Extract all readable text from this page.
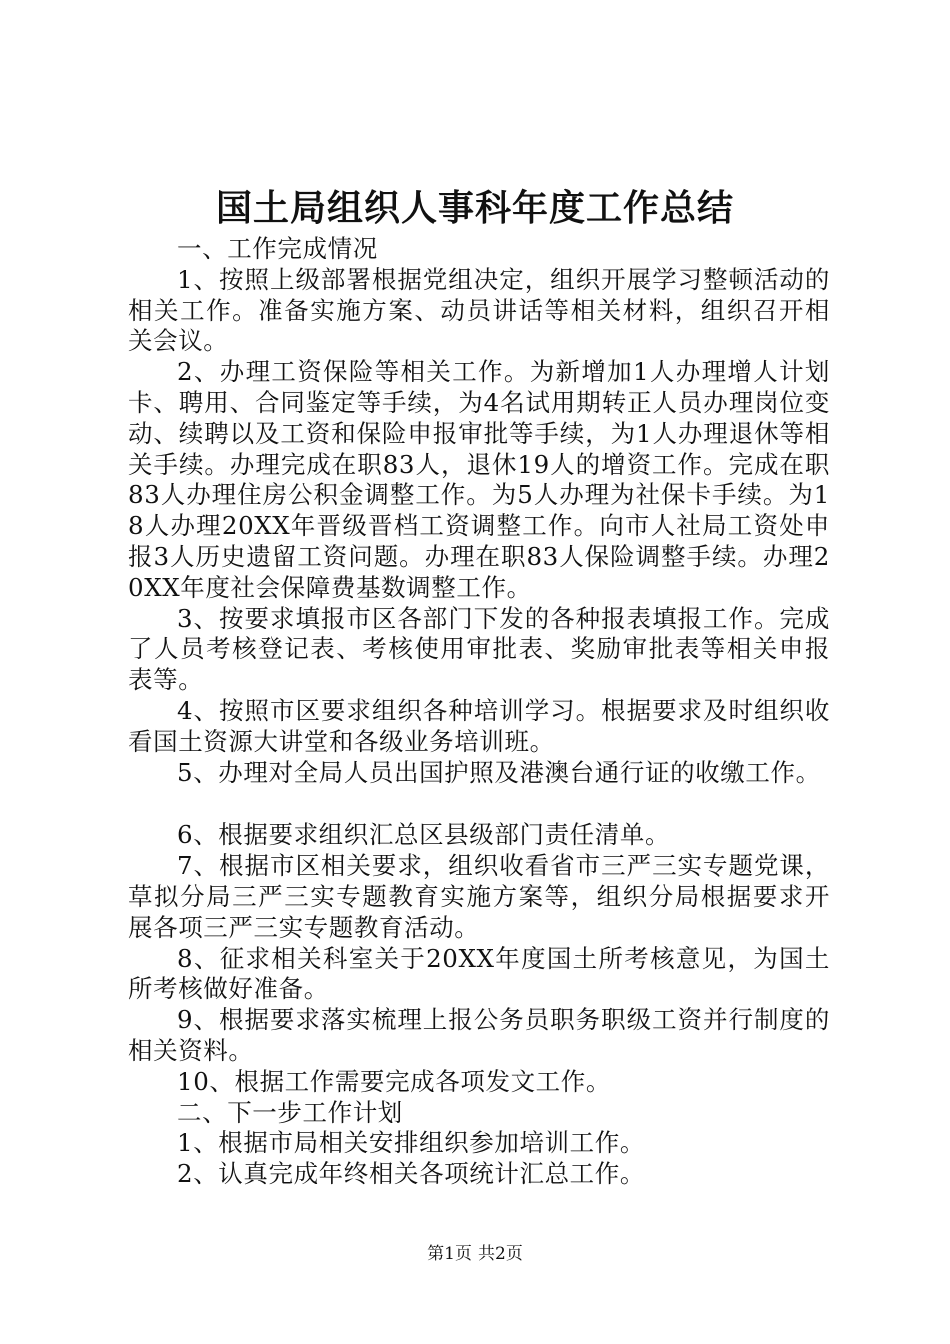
国土局组织人事科年度工作总结

一、工作完成情况

1、按照上级部署根据党组决定，组织开展学习整顿活动的相关工作。准备实施方案、动员讲话等相关材料，组织召开相关会议。

2、办理工资保险等相关工作。为新增加1人办理增人计划卡、聘用、合同鉴定等手续，为4名试用期转正人员办理岗位变动、续聘以及工资和保险申报审批等手续，为1人办理退休等相关手续。办理完成在职83人，退休19人的增资工作。完成在职83人办理住房公积金调整工作。为5人办理为社保卡手续。为18人办理20XX年晋级晋档工资调整工作。向市人社局工资处申报3人历史遗留工资问题。办理在职83人保险调整手续。办理20XX年度社会保障费基数调整工作。

3、按要求填报市区各部门下发的各种报表填报工作。完成了人员考核登记表、考核使用审批表、奖励审批表等相关申报表等。

4、按照市区要求组织各种培训学习。根据要求及时组织收看国土资源大讲堂和各级业务培训班。

5、办理对全局人员出国护照及港澳台通行证的收缴工作。

6、根据要求组织汇总区县级部门责任清单。

7、根据市区相关要求，组织收看省市三严三实专题党课，草拟分局三严三实专题教育实施方案等，组织分局根据要求开展各项三严三实专题教育活动。

8、征求相关科室关于20XX年度国土所考核意见，为国土所考核做好准备。

9、根据要求落实梳理上报公务员职务职级工资并行制度的相关资料。

10、根据工作需要完成各项发文工作。

二、下一步工作计划

1、根据市局相关安排组织参加培训工作。

2、认真完成年终相关各项统计汇总工作。

第1页 共2页
